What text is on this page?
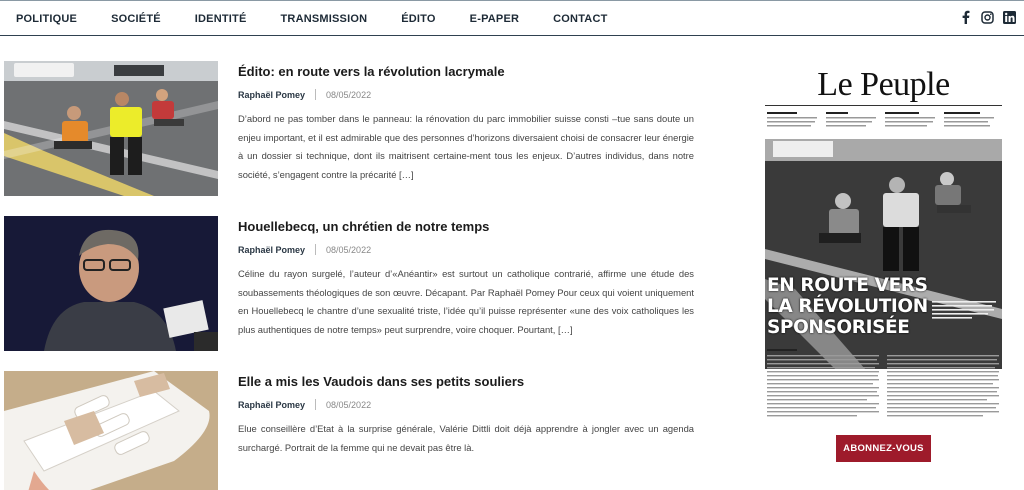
POLITIQUE	SOCIÉTÉ	IDENTITÉ	TRANSMISSION	ÉDITO	E-PAPER	CONTACT
Édito: en route vers la révolution lacrymale
Raphaël Pomey 08/05/2022

D’abord ne pas tomber dans le panneau: la rénovation du parc immobilier suisse consti –tue sans doute un enjeu important, et il est admirable que des personnes d’horizons diversaient choisi de consacrer leur énergie à un dossier si technique, dont ils maitrisent certaine-ment tous les enjeux. D’autres individus, dans notre société, s’engagent contre la précarité […]

Houellebecq, un chrétien de notre temps
Raphaël Pomey 08/05/2022

Céline du rayon surgelé, l’auteur d’«Anéantir» est surtout un catholique contrarié, affirme une étude des soubassements théologiques de son œuvre. Décapant. Par Raphaël Pomey Pour ceux qui voient uniquement en Houellebecq le chantre d’une sexualité triste, l’idée qu’il puisse représenter «une des voix catholiques les plus authentiques de notre temps» peut surprendre, voire choquer. Pourtant, […]

Elle a mis les Vaudois dans ses petits souliers
Raphaël Pomey 08/05/2022

Elue conseillère d’Etat à la surprise générale, Valérie Dittli doit déjà apprendre à jongler avec un agenda surchargé. Portrait de la femme qui ne devait pas être là.

Le Peuple
EN ROUTE VERS
LA RÉVOLUTION
SPONSORISÉE
ABONNEZ-VOUS
